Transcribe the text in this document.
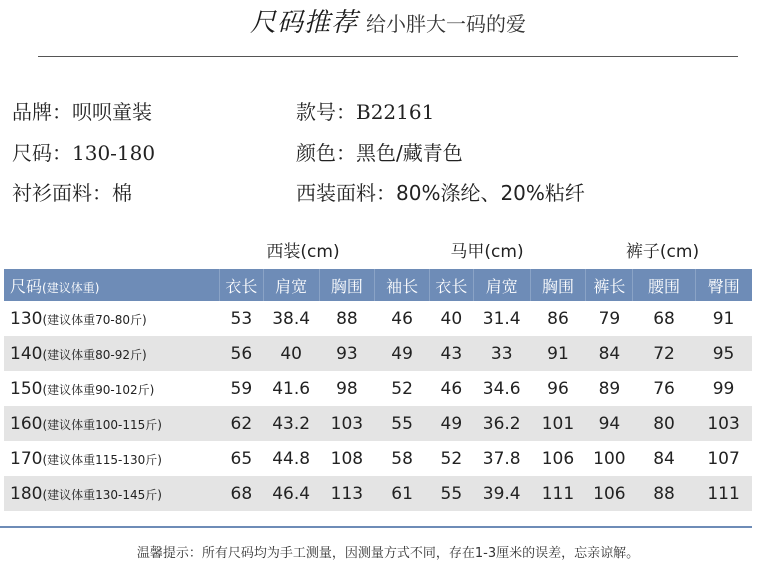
尺码推荐 给小胖大一码的爱
品牌：呗呗童装	款号：B22161
尺码：130-180	颜色：黑色/藏青色
衬衫面料：棉	西装面料：80%涤纶、20%粘纤
西装(cm)	马甲(cm)	裤子(cm)
尺码(建议体重)	衣长	肩宽	胸围	袖长	衣长	肩宽	胸围	裤长	腰围	臀围
130(建议体重70-80斤)	53	38.4	88	46	40	31.4	86	79	68	91
140(建议体重80-92斤)	56	40	93	49	43	33	91	84	72	95
150(建议体重90-102斤)	59	41.6	98	52	46	34.6	96	89	76	99
160(建议体重100-115斤)	62	43.2	103	55	49	36.2	101	94	80	103
170(建议体重115-130斤)	65	44.8	108	58	52	37.8	106	100	84	107
180(建议体重130-145斤)	68	46.4	113	61	55	39.4	111	106	88	111
温馨提示：所有尺码均为手工测量，因测量方式不同，存在1-3厘米的误差，忘亲谅解。
